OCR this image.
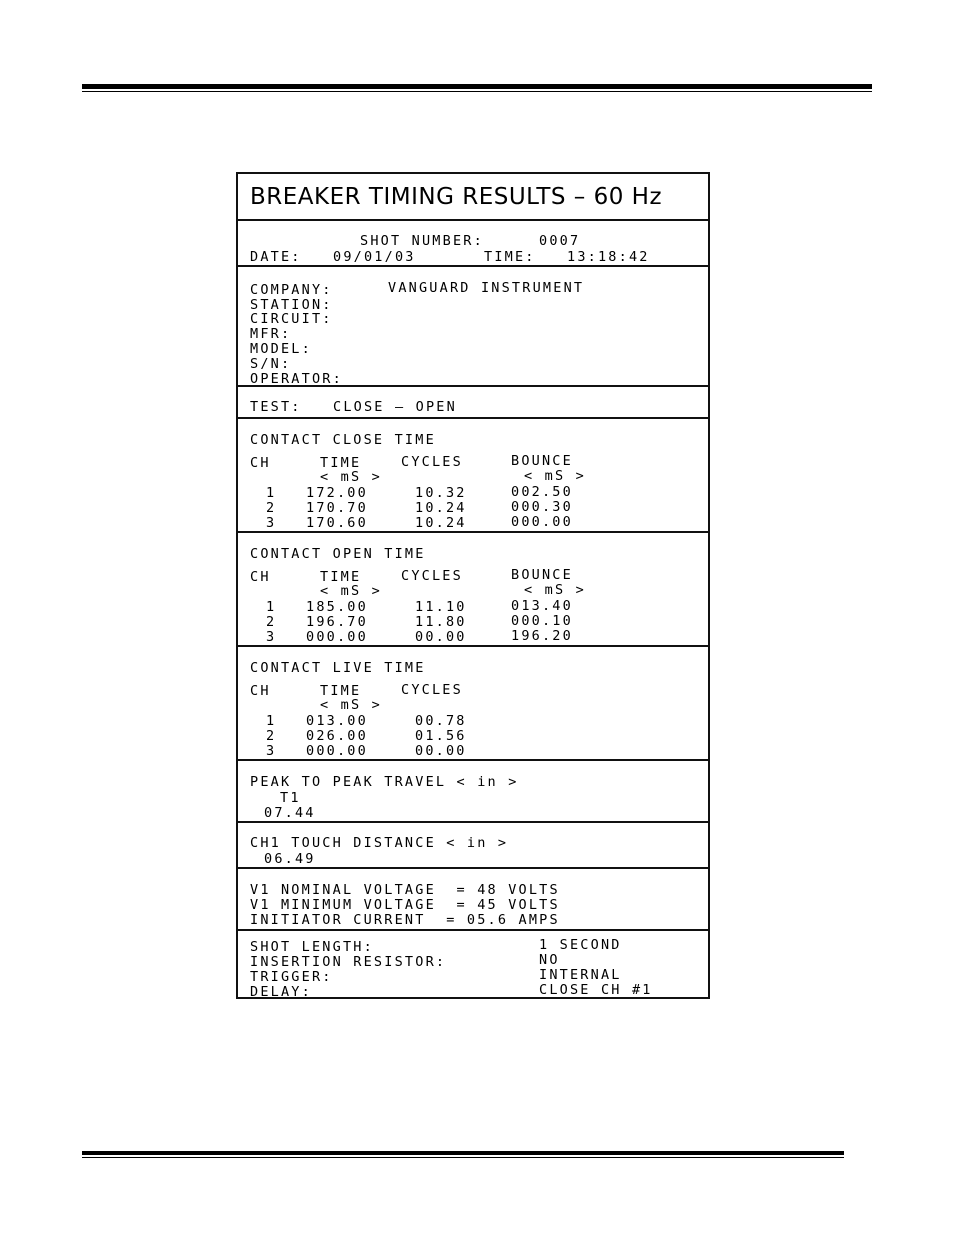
BREAKER TIMING RESULTS – 60 Hz
SHOT NUMBER:	0007
DATE: 09/01/03	TIME: 13:18:42
COMPANY:	VANGUARD INSTRUMENT
STATION:
CIRCUIT:
MFR:
MODEL:
S/N:
OPERATOR:
TEST: CLOSE – OPEN
CONTACT CLOSE TIME
CH	TIME	CYCLES	BOUNCE
< mS >	< mS >
1 172.00	10.32	002.50
2 170.70	10.24	000.30
3 170.60	10.24	000.00
CONTACT OPEN TIME
CH	TIME	CYCLES	BOUNCE
< mS >	< mS >
1 185.00	11.10	013.40
2 196.70	11.80	000.10
3 000.00	00.00	196.20
CONTACT LIVE TIME
CH	TIME	CYCLES
< mS >
1 013.00	00.78
2 026.00	01.56
3 000.00	00.00
PEAK TO PEAK TRAVEL < in >
T1
07.44
CH1 TOUCH DISTANCE < in >
06.49
V1 NOMINAL VOLTAGE  = 48 VOLTS
V1 MINIMUM VOLTAGE  = 45 VOLTS
INITIATOR CURRENT  = 05.6 AMPS
SHOT LENGTH:	1 SECOND
INSERTION RESISTOR:	NO
TRIGGER:	INTERNAL
DELAY:	CLOSE CH #1
